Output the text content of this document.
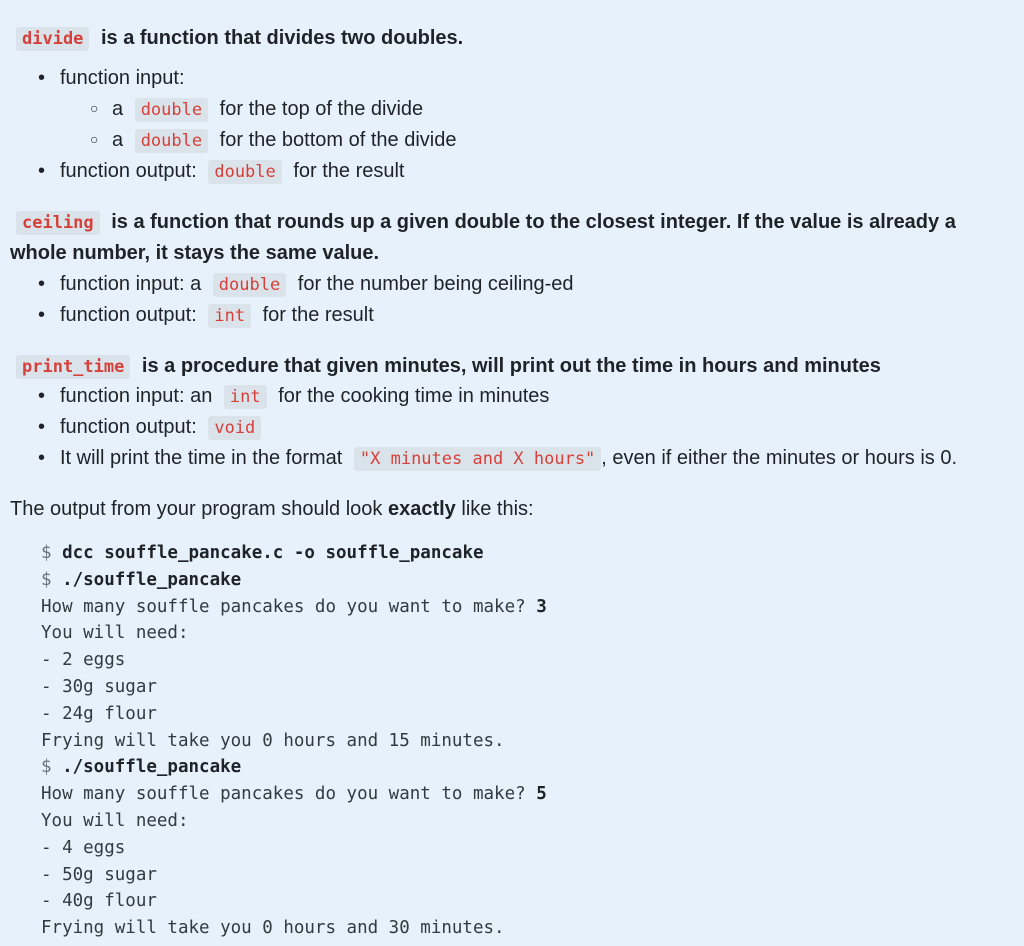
divide is a function that divides two doubles.
• function input:
○ a double for the top of the divide
○ a double for the bottom of the divide
• function output: double for the result
ceiling is a function that rounds up a given double to the closest integer. If the value is already a
whole number, it stays the same value.
• function input: a double for the number being ceiling-ed
• function output: int for the result
print_time is a procedure that given minutes, will print out the time in hours and minutes
• function input: an int for the cooking time in minutes
• function output: void
• It will print the time in the format "X minutes and X hours" , even if either the minutes or hours is 0.
The output from your program should look exactly like this:
$ dcc souffle_pancake.c -o souffle_pancake
$ ./souffle_pancake
How many souffle pancakes do you want to make? 3
You will need:
- 2 eggs
- 30g sugar
- 24g flour
Frying will take you 0 hours and 15 minutes.
$ ./souffle_pancake
How many souffle pancakes do you want to make? 5
You will need:
- 4 eggs
- 50g sugar
- 40g flour
Frying will take you 0 hours and 30 minutes.
